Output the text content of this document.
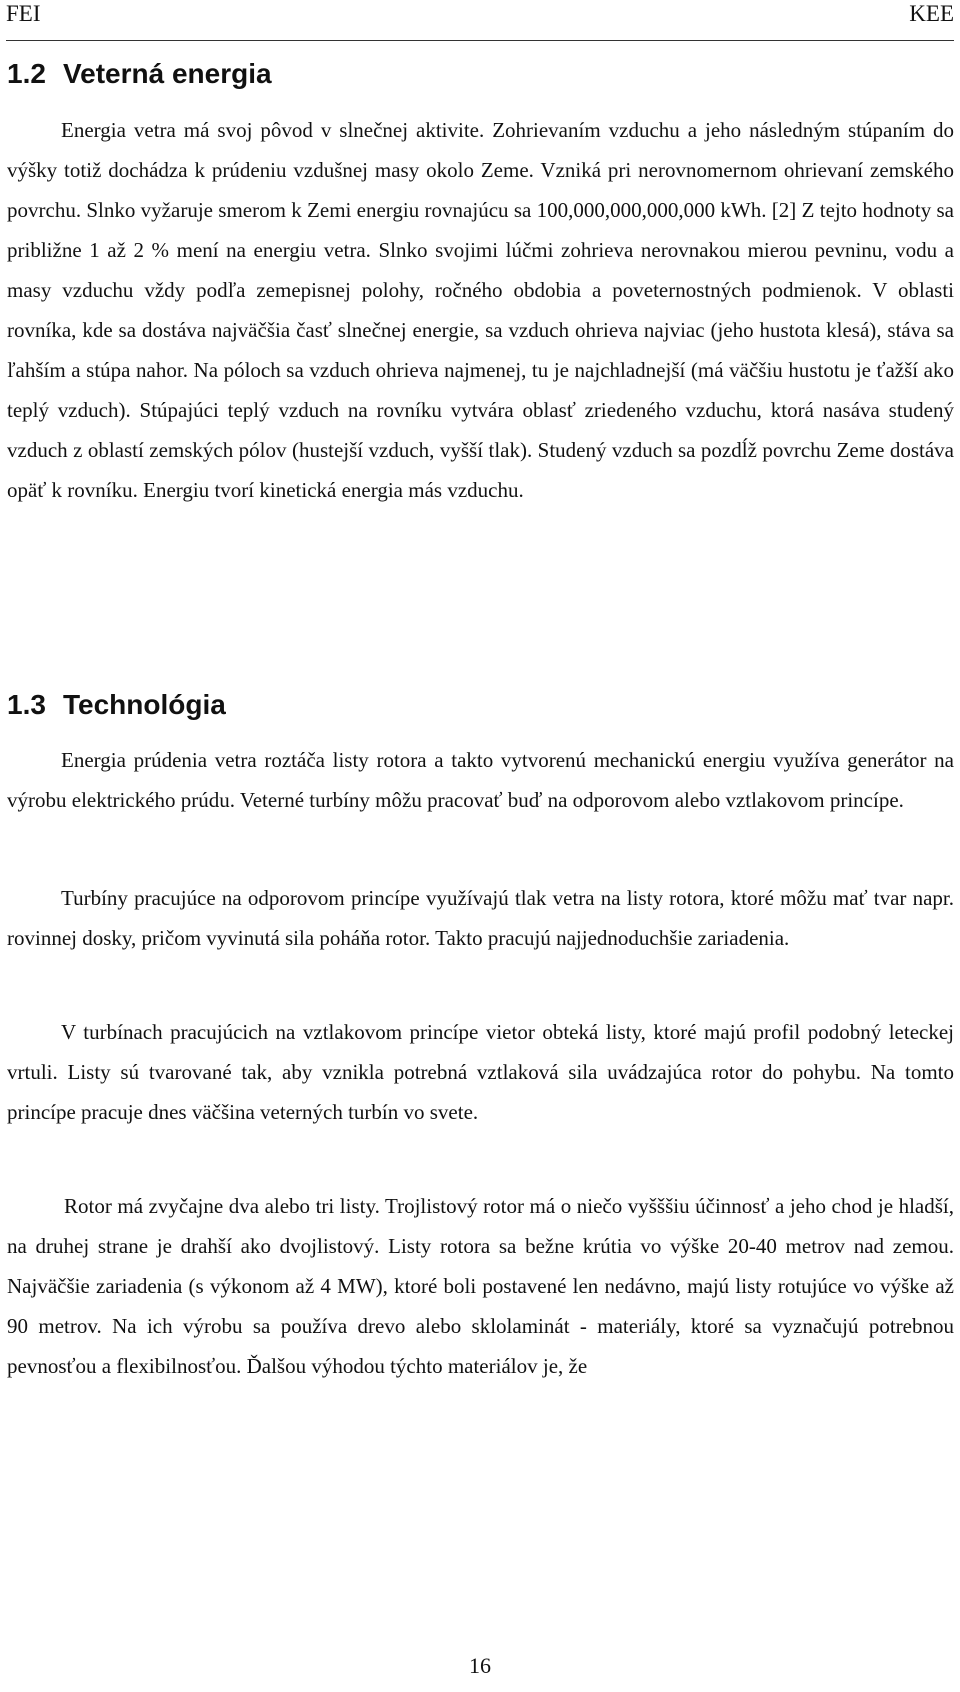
FEI	KEE
1.2 Veterná energia
Energia vetra má svoj pôvod v slnečnej aktivite. Zohrievaním vzduchu a jeho následným stúpaním do výšky totiž dochádza k prúdeniu vzdušnej masy okolo Zeme. Vzniká pri nerovnomernom ohrievaní zemského povrchu. Slnko vyžaruje smerom k Zemi energiu rovnajúcu sa 100,000,000,000,000 kWh. [2] Z tejto hodnoty sa približne 1 až 2 % mení na energiu vetra. Slnko svojimi lúčmi zohrieva nerovnakou mierou pevninu, vodu a masy vzduchu vždy podľa zemepisnej polohy, ročného obdobia a poveternostných podmienok. V oblasti rovníka, kde sa dostáva najväčšia časť slnečnej energie, sa vzduch ohrieva najviac (jeho hustota klesá), stáva sa ľahším a stúpa nahor. Na póloch sa vzduch ohrieva najmenej, tu je najchladnejší (má väčšiu hustotu je ťažší ako teplý vzduch). Stúpajúci teplý vzduch na rovníku vytvára oblasť zriedeného vzduchu, ktorá nasáva studený vzduch z oblastí zemských pólov (hustejší vzduch, vyšší tlak). Studený vzduch sa pozdĺž povrchu Zeme dostáva opäť k rovníku. Energiu tvorí kinetická energia más vzduchu.
1.3 Technológia
Energia prúdenia vetra roztáča listy rotora a takto vytvorenú mechanickú energiu využíva generátor na výrobu elektrického prúdu. Veterné turbíny môžu pracovať buď na odporovom alebo vztlakovom princípe.
Turbíny pracujúce na odporovom princípe využívajú tlak vetra na listy rotora, ktoré môžu mať tvar napr. rovinnej dosky, pričom vyvinutá sila poháňa rotor. Takto pracujú najjednoduchšie zariadenia.
V turbínach pracujúcich na vztlakovom princípe vietor obteká listy, ktoré majú profil podobný leteckej vrtuli. Listy sú tvarované tak, aby vznikla potrebná vztlaková sila uvádzajúca rotor do pohybu. Na tomto princípe pracuje dnes väčšina veterných turbín vo svete.
Rotor má zvyčajne dva alebo tri listy. Trojlistový rotor má o niečo vyšššiu účinnosť a jeho chod je hladší, na druhej strane je drahší ako dvojlistový. Listy rotora sa bežne krútia vo výške 20-40 metrov nad zemou. Najväčšie zariadenia (s výkonom až 4 MW), ktoré boli postavené len nedávno, majú listy rotujúce vo výške až 90 metrov. Na ich výrobu sa používa drevo alebo sklolaminát - materiály, ktoré sa vyznačujú potrebnou pevnosťou a flexibilnosťou. Ďalšou výhodou týchto materiálov je, že
16
